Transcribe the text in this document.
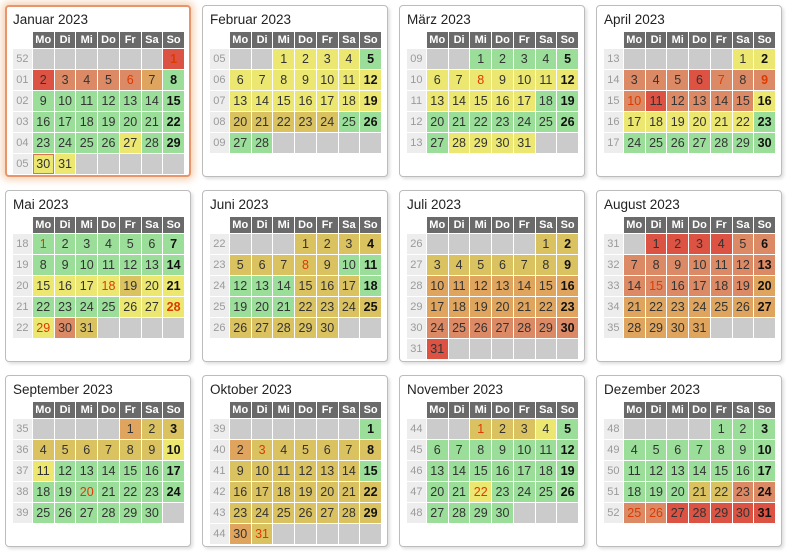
Januar 2023
	Mo	Di	Mi	Do	Fr	Sa	So
52							1
01	2	3	4	5	6	7	8
02	9	10	11	12	13	14	15
03	16	17	18	19	20	21	22
04	23	24	25	26	27	28	29
05	30	31					
Februar 2023
	Mo	Di	Mi	Do	Fr	Sa	So
05			1	2	3	4	5
06	6	7	8	9	10	11	12
07	13	14	15	16	17	18	19
08	20	21	22	23	24	25	26
09	27	28					
März 2023
	Mo	Di	Mi	Do	Fr	Sa	So
09			1	2	3	4	5
10	6	7	8	9	10	11	12
11	13	14	15	16	17	18	19
12	20	21	22	23	24	25	26
13	27	28	29	30	31		
April 2023
	Mo	Di	Mi	Do	Fr	Sa	So
13						1	2
14	3	4	5	6	7	8	9
15	10	11	12	13	14	15	16
16	17	18	19	20	21	22	23
17	24	25	26	27	28	29	30
Mai 2023
	Mo	Di	Mi	Do	Fr	Sa	So
18	1	2	3	4	5	6	7
19	8	9	10	11	12	13	14
20	15	16	17	18	19	20	21
21	22	23	24	25	26	27	28
22	29	30	31				
Juni 2023
	Mo	Di	Mi	Do	Fr	Sa	So
22				1	2	3	4
23	5	6	7	8	9	10	11
24	12	13	14	15	16	17	18
25	19	20	21	22	23	24	25
26	26	27	28	29	30		
Juli 2023
	Mo	Di	Mi	Do	Fr	Sa	So
26						1	2
27	3	4	5	6	7	8	9
28	10	11	12	13	14	15	16
29	17	18	19	20	21	22	23
30	24	25	26	27	28	29	30
31	31						
August 2023
	Mo	Di	Mi	Do	Fr	Sa	So
31		1	2	3	4	5	6
32	7	8	9	10	11	12	13
33	14	15	16	17	18	19	20
34	21	22	23	24	25	26	27
35	28	29	30	31			
September 2023
	Mo	Di	Mi	Do	Fr	Sa	So
35					1	2	3
36	4	5	6	7	8	9	10
37	11	12	13	14	15	16	17
38	18	19	20	21	22	23	24
39	25	26	27	28	29	30	
Oktober 2023
	Mo	Di	Mi	Do	Fr	Sa	So
39							1
40	2	3	4	5	6	7	8
41	9	10	11	12	13	14	15
42	16	17	18	19	20	21	22
43	23	24	25	26	27	28	29
44	30	31					
November 2023
	Mo	Di	Mi	Do	Fr	Sa	So
44			1	2	3	4	5
45	6	7	8	9	10	11	12
46	13	14	15	16	17	18	19
47	20	21	22	23	24	25	26
48	27	28	29	30			
Dezember 2023
	Mo	Di	Mi	Do	Fr	Sa	So
48					1	2	3
49	4	5	6	7	8	9	10
50	11	12	13	14	15	16	17
51	18	19	20	21	22	23	24
52	25	26	27	28	29	30	31
